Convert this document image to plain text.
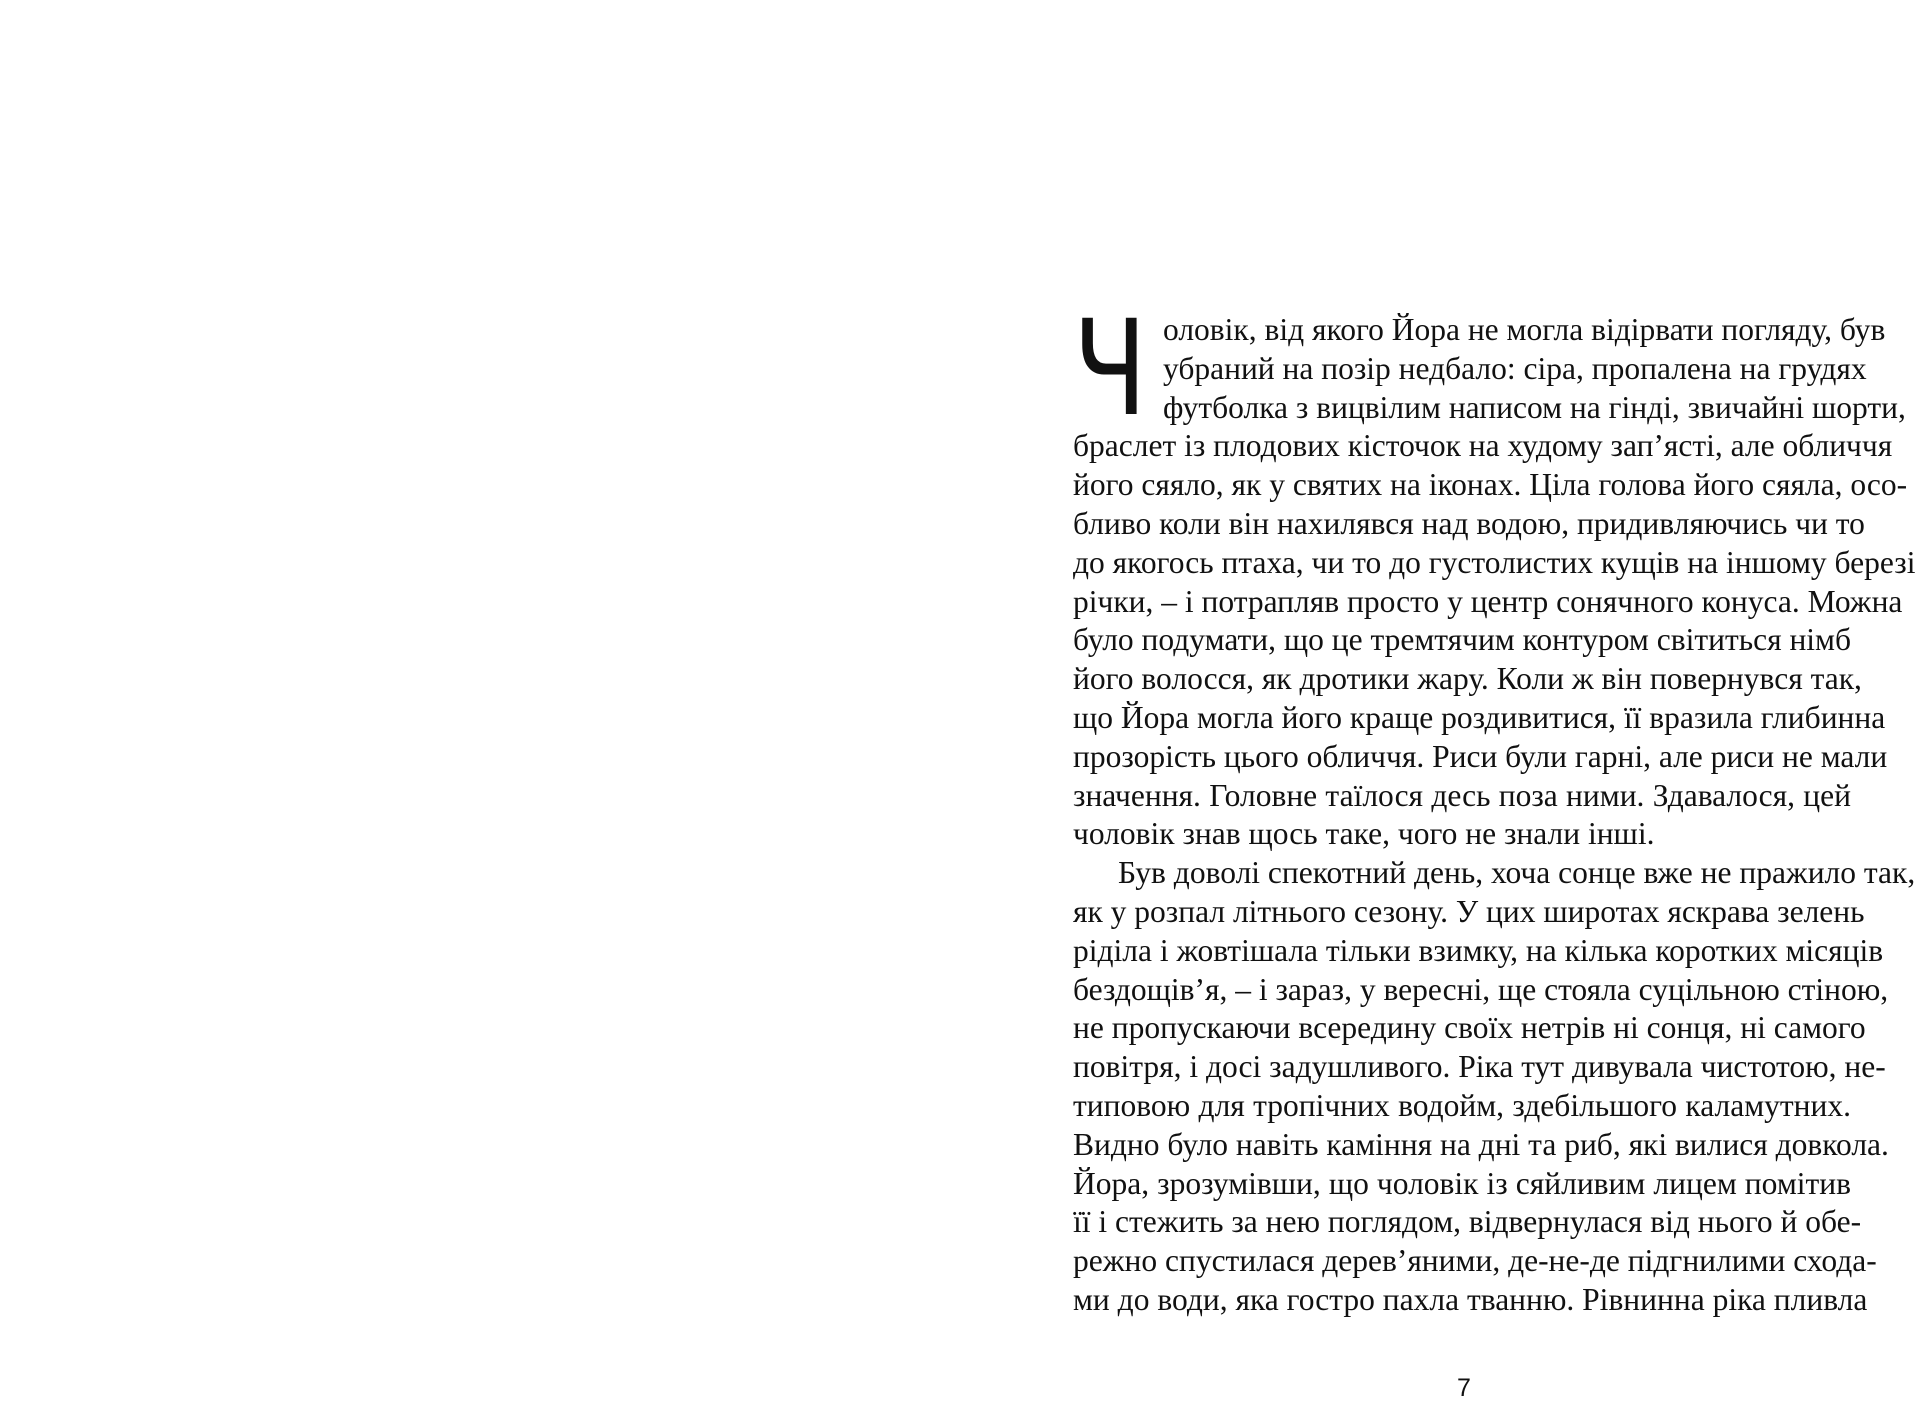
Ч оловік, від якого Йора не могла відірвати погляду, був
убраний на позір недбало: сіра, пропалена на грудях
футболка з вицвілим написом на гінді, звичайні шорти,
браслет із плодових кісточок на худому зап’ясті, але обличчя
його сяяло, як у святих на іконах. Ціла голова його сяяла, осо-
бливо коли він нахилявся над водою, придивляючись чи то
до якогось птаха, чи то до густолистих кущів на іншому березі
річки, – і потрапляв просто у центр сонячного конуса. Можна
було подумати, що це тремтячим контуром світиться німб
його волосся, як дротики жару. Коли ж він повернувся так,
що Йора могла його краще роздивитися, її вразила глибинна
прозорість цього обличчя. Риси були гарні, але риси не мали
значення. Головне таїлося десь поза ними. Здавалося, цей
чоловік знав щось таке, чого не знали інші.
Був доволі спекотний день, хоча сонце вже не пражило так,
як у розпал літнього сезону. У цих широтах яскрава зелень
ріділа і жовтішала тільки взимку, на кілька коротких місяців
бездощів’я, – і зараз, у вересні, ще стояла суцільною стіною,
не пропускаючи всередину своїх нетрів ні сонця, ні самого
повітря, і досі задушливого. Ріка тут дивувала чистотою, не-
типовою для тропічних водойм, здебільшого каламутних.
Видно було навіть каміння на дні та риб, які вилися довкола.
Йора, зрозумівши, що чоловік із сяйливим лицем помітив
її і стежить за нею поглядом, відвернулася від нього й обе-
режно спустилася дерев’яними, де-не-де підгнилими сходa-
ми до води, яка гостро пахла тванню. Рівнинна ріка пливла
7
